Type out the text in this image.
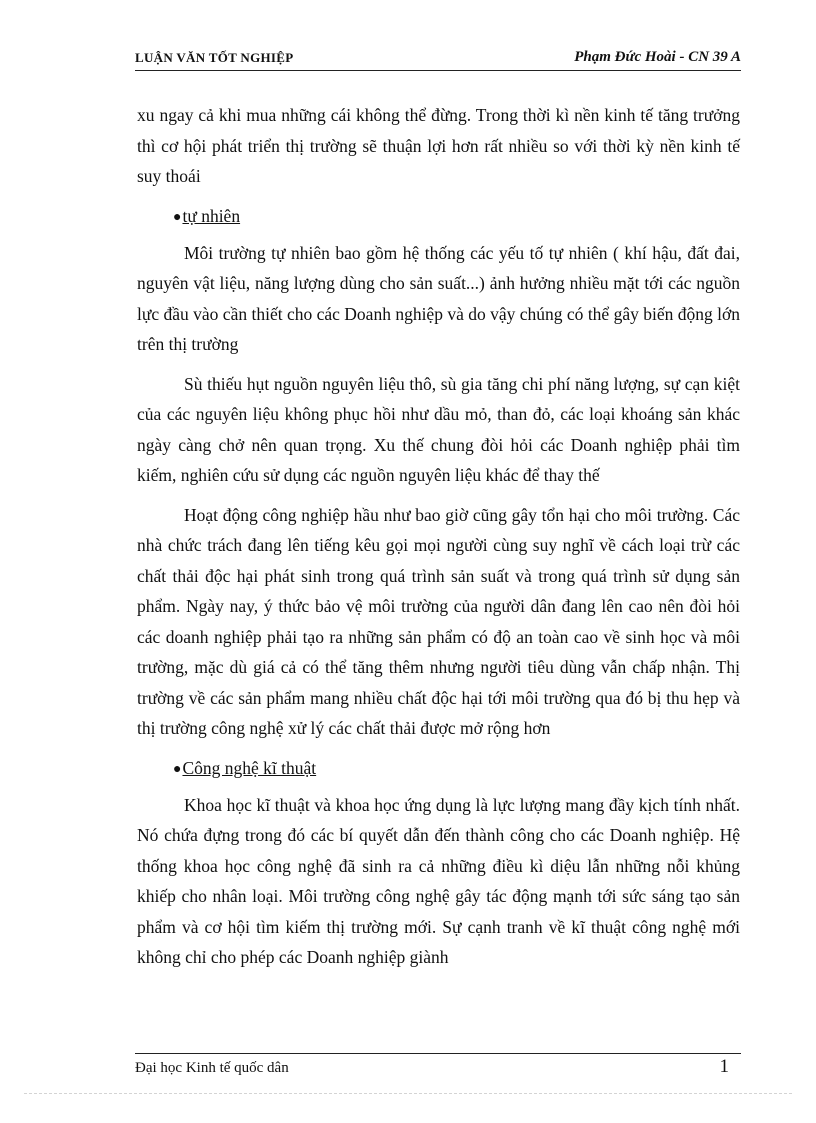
LUẬN VĂN TỐT NGHIỆP	Phạm Đức Hoài - CN 39 A

xu ngay cả khi mua những cái không thể đừng. Trong thời kì nền kinh tế tăng trưởng thì cơ hội phát triển thị trường sẽ thuận lợi hơn rất nhiều so với thời kỳ nền kinh tế suy thoái

●tự nhiên

Môi trường tự nhiên bao gồm hệ thống các yếu tố tự nhiên ( khí hậu, đất đai, nguyên vật liệu, năng lượng dùng cho sản suất...) ảnh hưởng nhiều mặt tới các nguồn lực đầu vào cần thiết cho các Doanh nghiệp và do vậy chúng có thể gây biến động lớn trên thị trường

Sù thiếu hụt nguồn nguyên liệu thô, sù gia tăng chi phí năng lượng, sự cạn kiệt của các nguyên liệu không phục hồi như dầu mỏ, than đỏ, các loại khoáng sản khác ngày càng chở nên quan trọng. Xu thế chung đòi hỏi các Doanh nghiệp phải tìm kiếm, nghiên cứu sử dụng các nguồn nguyên liệu khác để thay thế

Hoạt động công nghiệp hầu như bao giờ cũng gây tổn hại cho môi trường. Các nhà chức trách đang lên tiếng kêu gọi mọi người cùng suy nghĩ về cách loại trừ các chất thải độc hại phát sinh trong quá trình sản suất và trong quá trình sử dụng sản phẩm. Ngày nay, ý thức bảo vệ môi trường của người dân đang lên cao nên đòi hỏi các doanh nghiệp phải tạo ra những sản phẩm có độ an toàn cao về sinh học và môi trường, mặc dù giá cả có thể tăng thêm nhưng người tiêu dùng vẫn chấp nhận. Thị trường về các sản phẩm mang nhiều chất độc hại tới môi trường qua đó bị thu hẹp và thị trường công nghệ xử lý các chất thải được mở rộng hơn

●Công nghệ kĩ thuật

Khoa học kĩ thuật và khoa học ứng dụng là lực lượng mang đầy kịch tính nhất. Nó chứa đựng trong đó các bí quyết dẫn đến thành công cho các Doanh nghiệp. Hệ thống khoa học công nghệ đã sinh ra cả những điều kì diệu lẫn những nỗi khủng khiếp cho nhân loại. Môi trường công nghệ gây tác động mạnh tới sức sáng tạo sản phẩm và cơ hội tìm kiếm thị trường mới. Sự cạnh tranh về kĩ thuật công nghệ mới không chỉ cho phép các Doanh nghiệp giành

Đại học Kinh tế quốc dân	1
